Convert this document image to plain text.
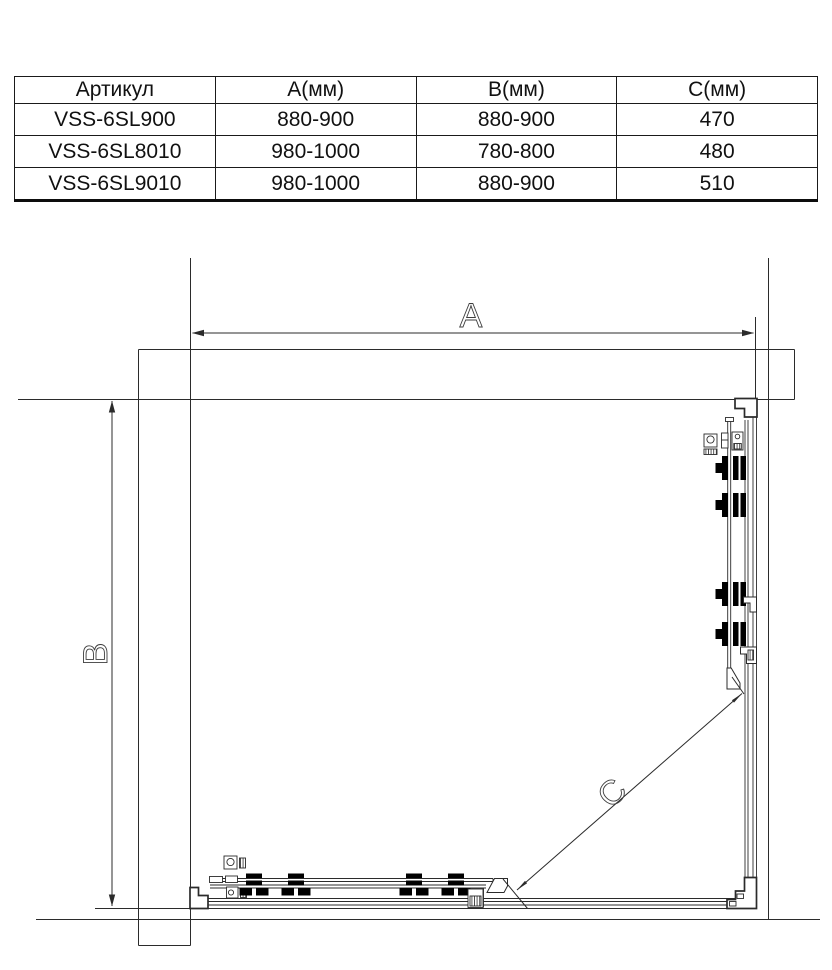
A
B
C
Артикул	А(мм)	В(мм)	С(мм)
VSS-6SL900	880-900	880-900	470
VSS-6SL8010	980-1000	780-800	480
VSS-6SL9010	980-1000	880-900	510
